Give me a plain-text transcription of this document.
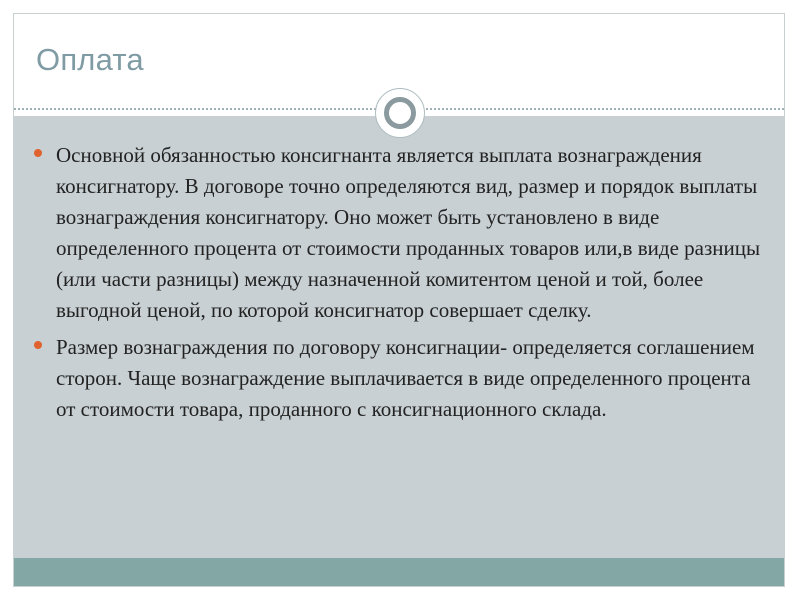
Оплата
Основной обязанностью консигнанта является выплата вознаграждения консигнатору. В договоре точно определяются вид, размер и порядок выплаты вознаграждения консигнатору. Оно может быть установлено в виде определенного процента от стоимости проданных товаров или,в виде разницы (или части разницы) между назначенной комитентом ценой и той, более выгодной ценой, по которой консигнатор совершает сделку.
Размер вознаграждения по договору консигнации- определяется соглашением сторон. Чаще вознаграждение выплачивается в виде определенного процента от стоимости товара, проданного с консигнационного склада.
